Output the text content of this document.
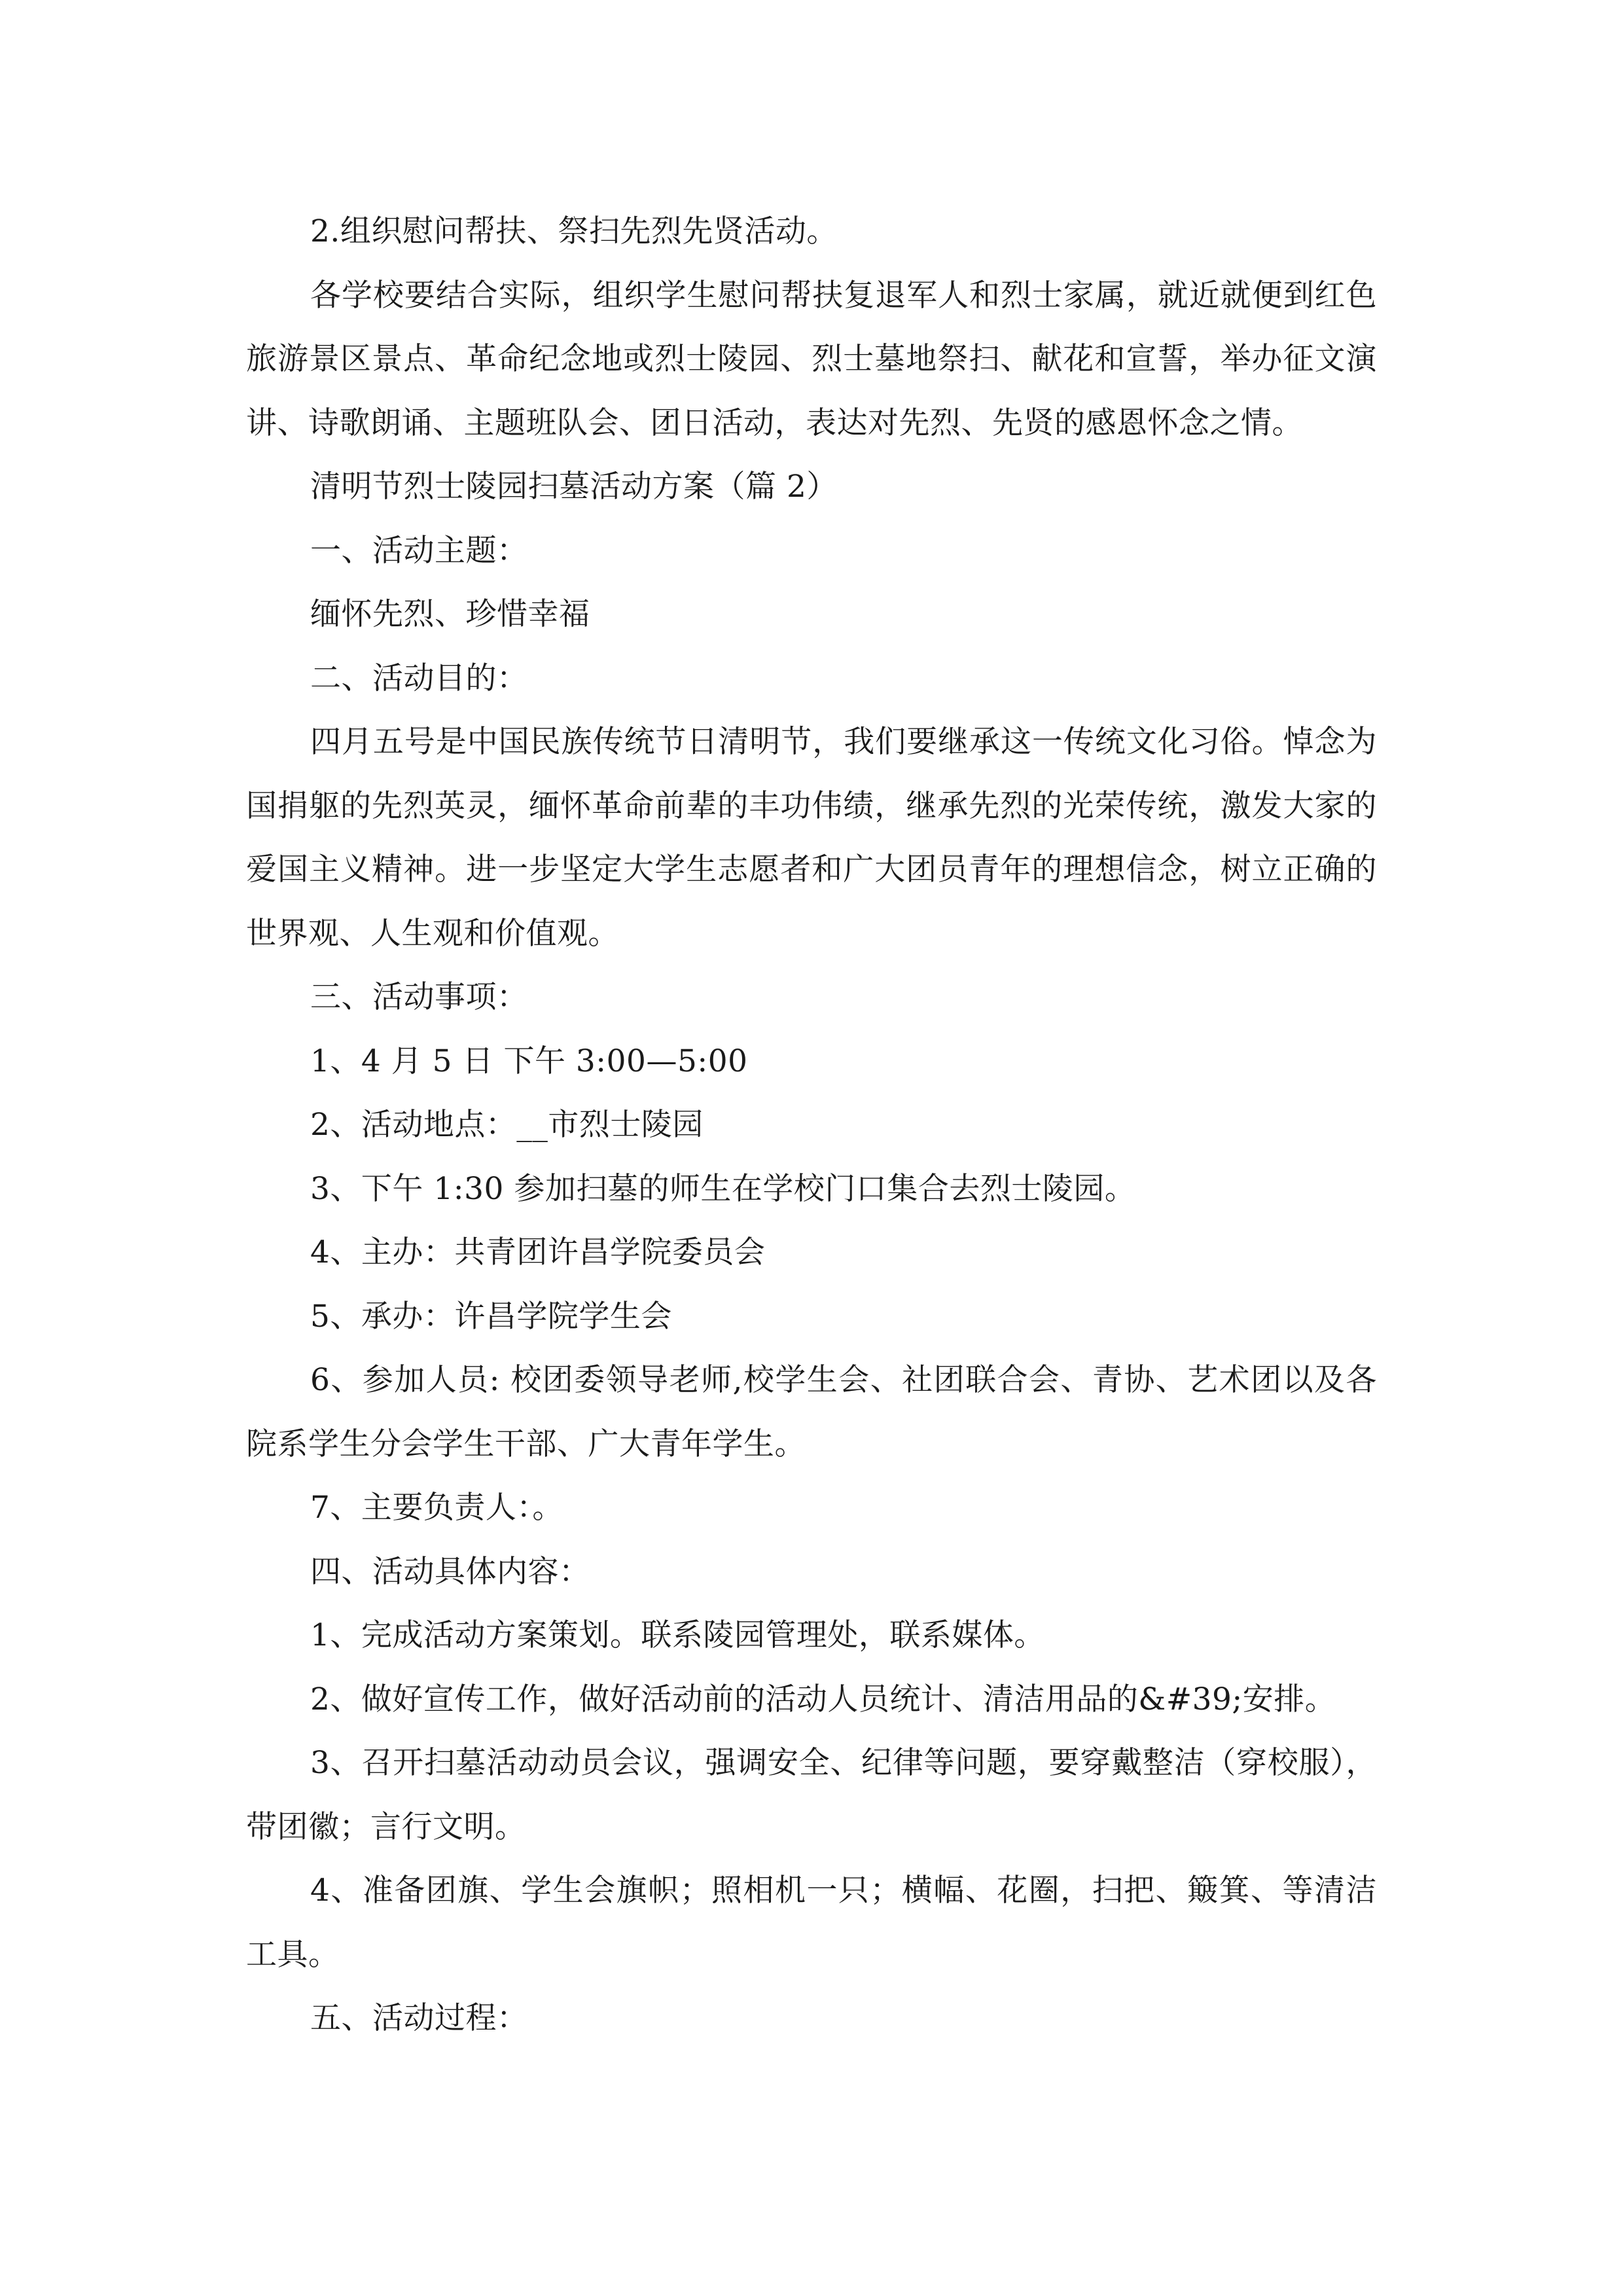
2.组织慰问帮扶、祭扫先烈先贤活动。

各学校要结合实际，组织学生慰问帮扶复退军人和烈士家属，就近就便到红色旅游景区景点、革命纪念地或烈士陵园、烈士墓地祭扫、献花和宣誓，举办征文演讲、诗歌朗诵、主题班队会、团日活动，表达对先烈、先贤的感恩怀念之情。

清明节烈士陵园扫墓活动方案（篇 2）

一、活动主题：

缅怀先烈、珍惜幸福

二、活动目的：

四月五号是中国民族传统节日清明节，我们要继承这一传统文化习俗。悼念为国捐躯的先烈英灵，缅怀革命前辈的丰功伟绩，继承先烈的光荣传统，激发大家的爱国主义精神。进一步坚定大学生志愿者和广大团员青年的理想信念，树立正确的世界观、人生观和价值观。

三、活动事项：

1、4 月 5 日 下午 3:00—5:00

2、活动地点：__市烈士陵园

3、下午 1:30 参加扫墓的师生在学校门口集合去烈士陵园。

4、主办：共青团许昌学院委员会

5、承办：许昌学院学生会

6、参加人员: 校团委领导老师,校学生会、社团联合会、青协、艺术团以及各院系学生分会学生干部、广大青年学生。

7、主要负责人：。

四、活动具体内容：

1、完成活动方案策划。联系陵园管理处，联系媒体。

2、做好宣传工作，做好活动前的活动人员统计、清洁用品的&#39;安排。

3、召开扫墓活动动员会议，强调安全、纪律等问题，要穿戴整洁（穿校服），带团徽；言行文明。

4、准备团旗、学生会旗帜；照相机一只；横幅、花圈，扫把、簸箕、等清洁工具。

五、活动过程：
